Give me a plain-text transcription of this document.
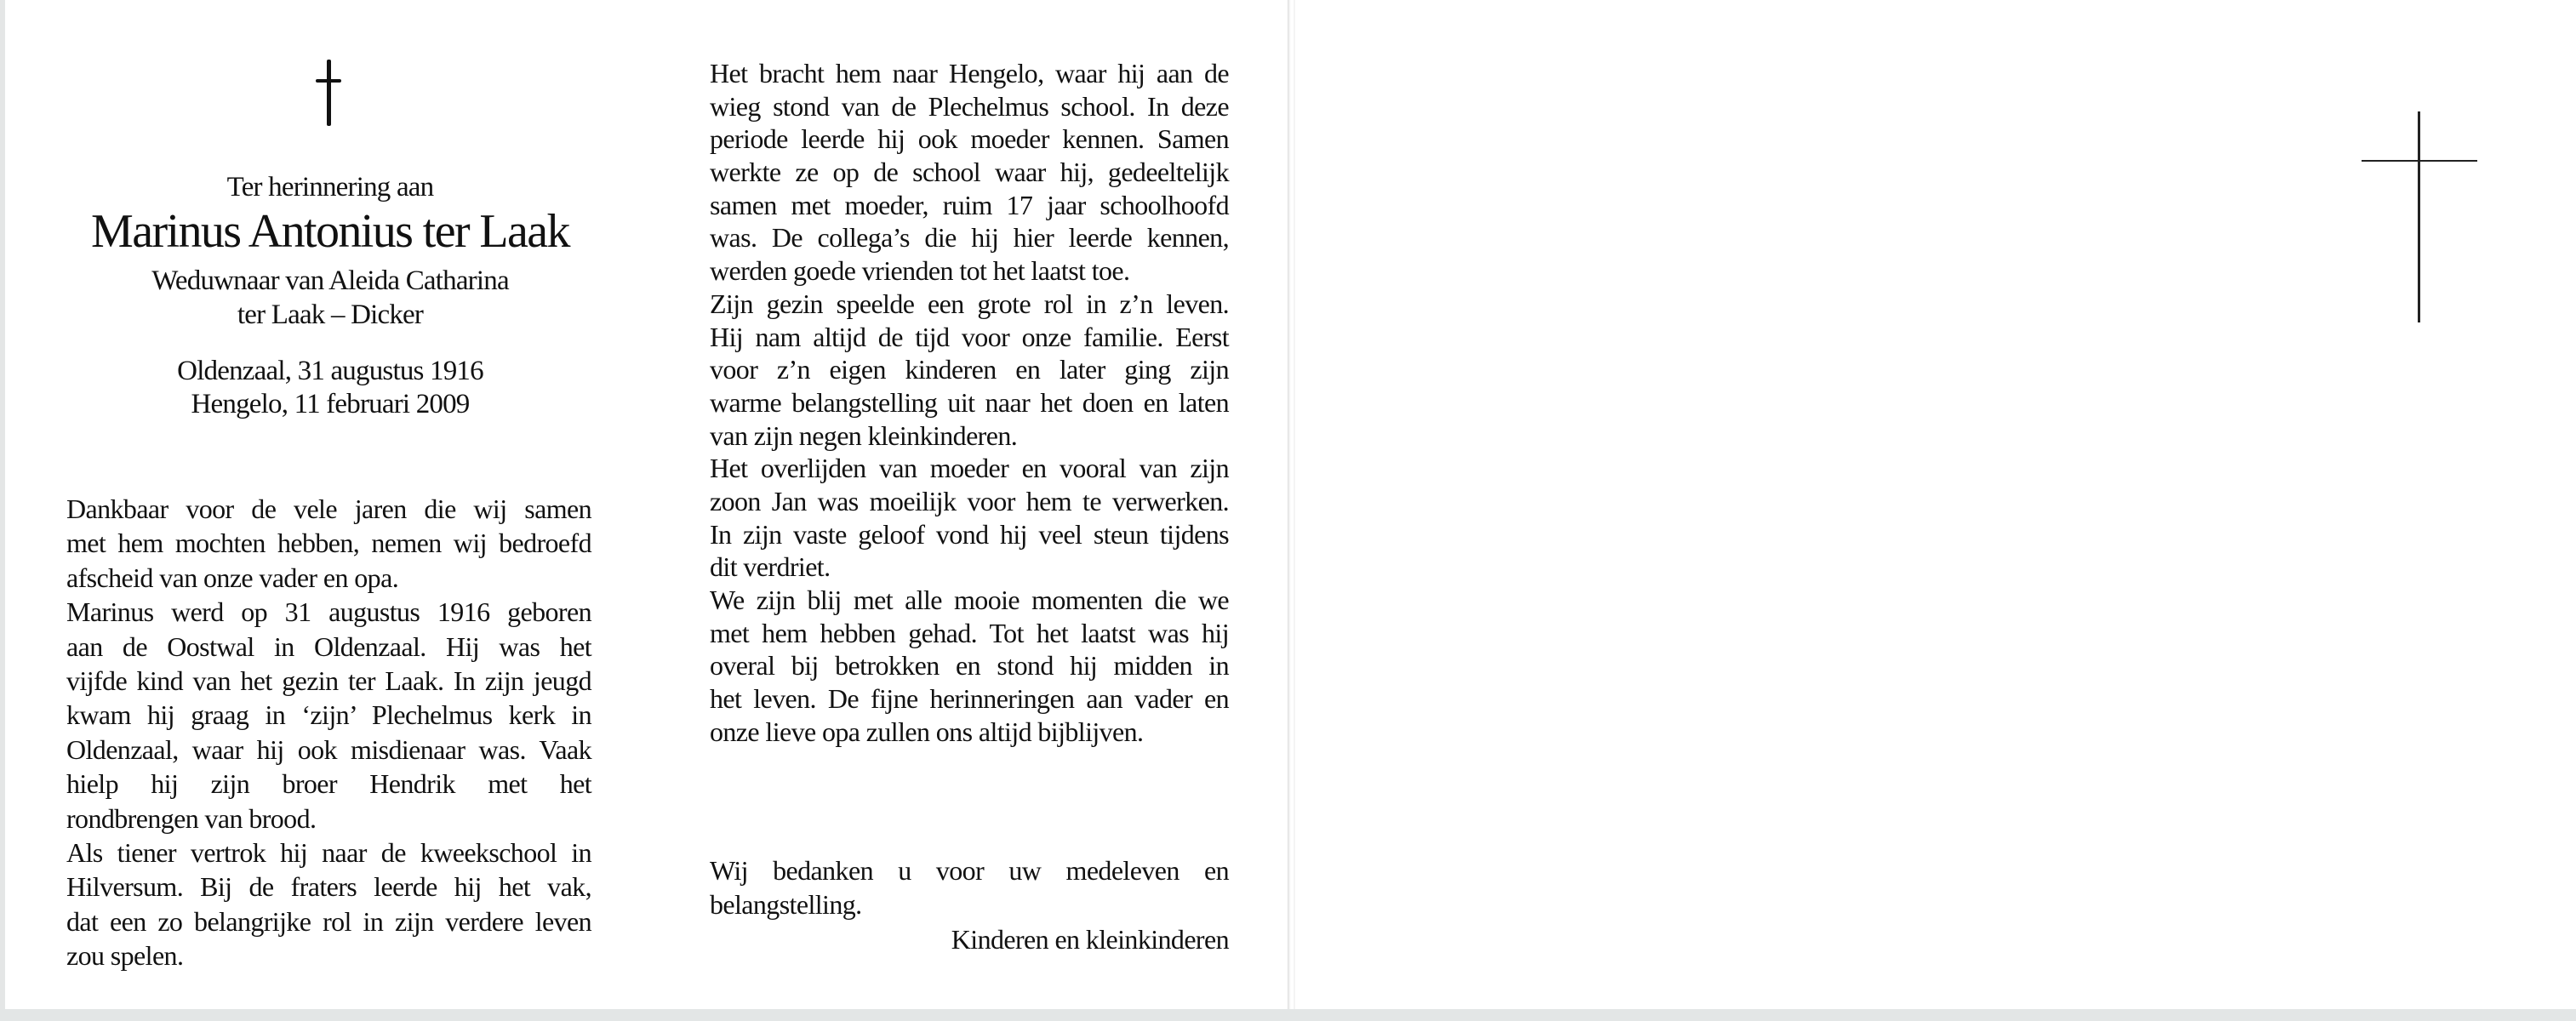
Ter herinnering aan
Marinus Antonius ter Laak
Weduwnaar van Aleida Catharina
ter Laak – Dicker
Oldenzaal, 31 augustus 1916
Hengelo, 11 februari 2009
Dankbaar voor de vele jaren die wij samen
met hem mochten hebben, nemen wij bedroefd
afscheid van onze vader en opa.
Marinus werd op 31 augustus 1916 geboren
aan de Oostwal in Oldenzaal. Hij was het
vijfde kind van het gezin ter Laak. In zijn jeugd
kwam hij graag in ‘zijn’ Plechelmus kerk in
Oldenzaal, waar hij ook misdienaar was. Vaak
hielp hij zijn broer Hendrik met het
rondbrengen van brood.
Als tiener vertrok hij naar de kweekschool in
Hilversum. Bij de fraters leerde hij het vak,
dat een zo belangrijke rol in zijn verdere leven
zou spelen.
Het bracht hem naar Hengelo, waar hij aan de
wieg stond van de Plechelmus school. In deze
periode leerde hij ook moeder kennen. Samen
werkte ze op de school waar hij, gedeeltelijk
samen met moeder, ruim 17 jaar schoolhoofd
was. De collega’s die hij hier leerde kennen,
werden goede vrienden tot het laatst toe.
Zijn gezin speelde een grote rol in z’n leven.
Hij nam altijd de tijd voor onze familie. Eerst
voor z’n eigen kinderen en later ging zijn
warme belangstelling uit naar het doen en laten
van zijn negen kleinkinderen.
Het overlijden van moeder en vooral van zijn
zoon Jan was moeilijk voor hem te verwerken.
In zijn vaste geloof vond hij veel steun tijdens
dit verdriet.
We zijn blij met alle mooie momenten die we
met hem hebben gehad. Tot het laatst was hij
overal bij betrokken en stond hij midden in
het leven. De fijne herinneringen aan vader en
onze lieve opa zullen ons altijd bijblijven.
Wij bedanken u voor uw medeleven en
belangstelling.
Kinderen en kleinkinderen
